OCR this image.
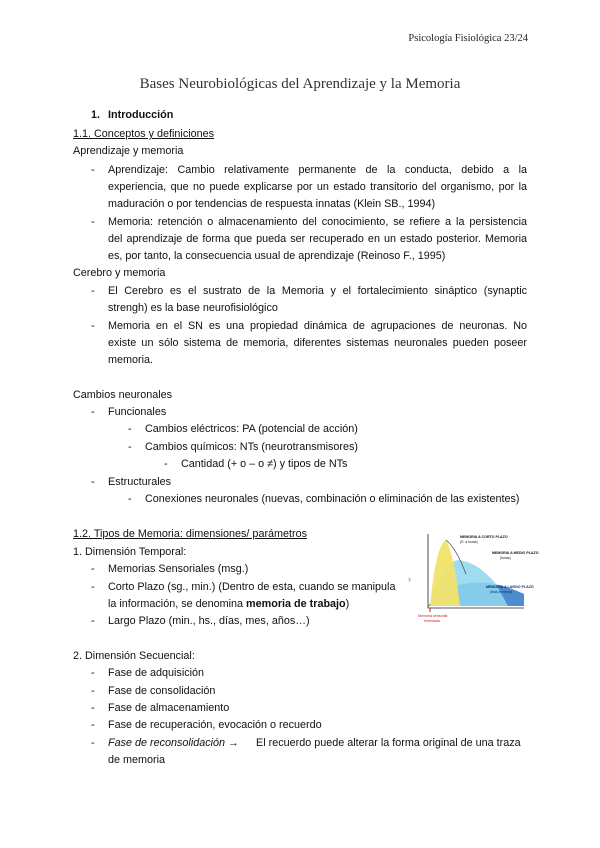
Psicología Fisiológica 23/24
Bases Neurobiológicas del Aprendizaje y la Memoria
1. Introducción
1.1. Conceptos y definiciones
Aprendizaje y memoria
- Aprendizaje: Cambio relativamente permanente de la conducta, debido a la
experiencia, que no puede explicarse por un estado transitorio del organismo, por la
maduración o por tendencias de respuesta innatas (Klein SB., 1994)
- Memoria: retención o almacenamiento del conocimiento, se refiere a la persistencia
del aprendizaje de forma que pueda ser recuperado en un estado posterior. Memoria
es, por tanto, la consecuencia usual de aprendizaje (Reinoso F., 1995)
Cerebro y memoria
- El Cerebro es el sustrato de la Memoria y el fortalecimiento sináptico (synaptic
strengh) es la base neurofisiológico
- Memoria en el SN es una propiedad dinámica de agrupaciones de neuronas. No
existe un sólo sistema de memoria, diferentes sistemas neuronales pueden poseer
memoria.
Cambios neuronales
- Funcionales
- Cambios eléctricos: PA (potencial de acción)
- Cambios químicos: NTs (neurotransmisores)
- Cantidad (+ o – o ≠) y tipos de NTs
- Estructurales
- Conexiones neuronales (nuevas, combinación o eliminación de las existentes)
1.2. Tipos de Memoria: dimensiones/ parámetros
1. Dimensión Temporal:
- Memorias Sensoriales (msg.)
- Corto Plazo (sg., min.) (Dentro de esta, cuando se manipula
la información, se denomina memoria de trabajo)
- Largo Plazo (min., hs., días, mes, años…)
2. Dimensión Secuencial:
- Fase de adquisición
- Fase de consolidación
- Fase de almacenamiento
- Fase de recuperación, evocación o recuerdo
- Fase de reconsolidación → El recuerdo puede alterar la forma original de una traza
de memoria
›
MEMORIA A CORTO PLAZO
(S. a horas)
MEMORIA A MEDIO PLAZO
(horas)
MEMORIA A LARGO PLAZO
(días a meses)
Memoria sensorial
Inmediata
